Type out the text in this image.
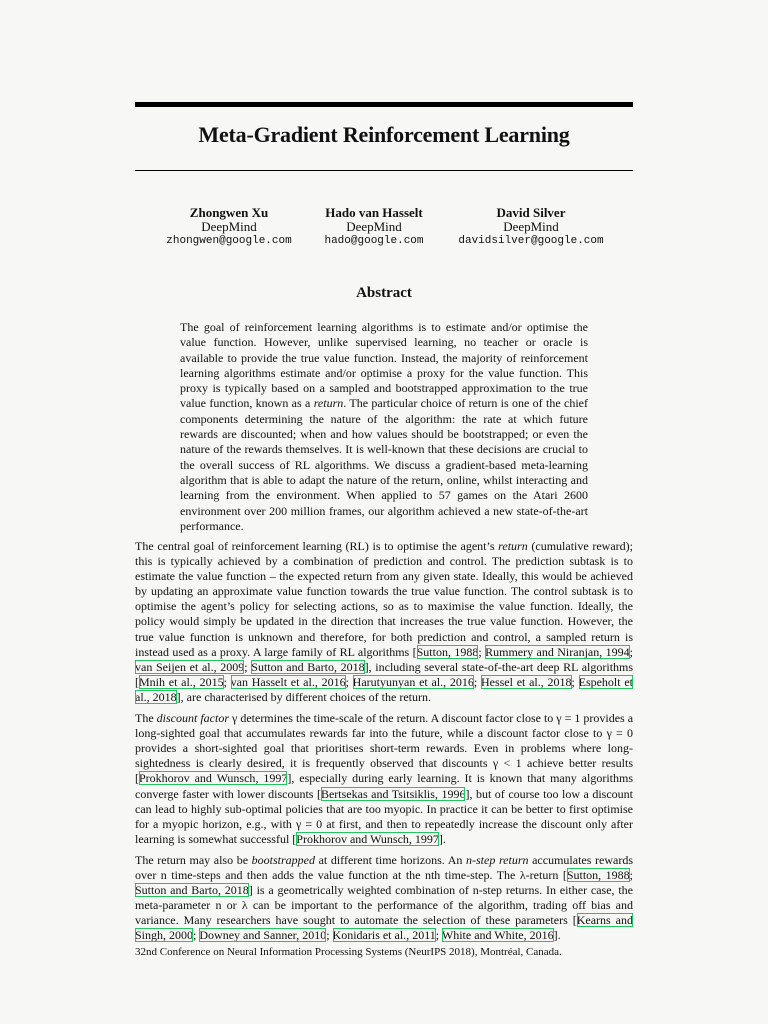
Meta-Gradient Reinforcement Learning
Zhongwen Xu
DeepMind
zhongwen@google.com
Hado van Hasselt
DeepMind
hado@google.com
David Silver
DeepMind
davidsilver@google.com
Abstract

The goal of reinforcement learning algorithms is to estimate and/or optimise the value function. However, unlike supervised learning, no teacher or oracle is available to provide the true value function. Instead, the majority of reinforcement learning algorithms estimate and/or optimise a proxy for the value function. This proxy is typically based on a sampled and bootstrapped approximation to the true value function, known as a return. The particular choice of return is one of the chief components determining the nature of the algorithm: the rate at which future rewards are discounted; when and how values should be bootstrapped; or even the nature of the rewards themselves. It is well-known that these decisions are crucial to the overall success of RL algorithms. We discuss a gradient-based meta-learning algorithm that is able to adapt the nature of the return, online, whilst interacting and learning from the environment. When applied to 57 games on the Atari 2600 environment over 200 million frames, our algorithm achieved a new state-of-the-art performance.

The central goal of reinforcement learning (RL) is to optimise the agent’s return (cumulative reward); this is typically achieved by a combination of prediction and control. The prediction subtask is to estimate the value function – the expected return from any given state. Ideally, this would be achieved by updating an approximate value function towards the true value function. The control subtask is to optimise the agent’s policy for selecting actions, so as to maximise the value function. Ideally, the policy would simply be updated in the direction that increases the true value function. However, the true value function is unknown and therefore, for both prediction and control, a sampled return is instead used as a proxy. A large family of RL algorithms [Sutton, 1988; Rummery and Niranjan, 1994; van Seijen et al., 2009; Sutton and Barto, 2018], including several state-of-the-art deep RL algorithms [Mnih et al., 2015; van Hasselt et al., 2016; Harutyunyan et al., 2016; Hessel et al., 2018; Espeholt et al., 2018], are characterised by different choices of the return.

The discount factor γ determines the time-scale of the return. A discount factor close to γ = 1 provides a long-sighted goal that accumulates rewards far into the future, while a discount factor close to γ = 0 provides a short-sighted goal that prioritises short-term rewards. Even in problems where long-sightedness is clearly desired, it is frequently observed that discounts γ < 1 achieve better results [Prokhorov and Wunsch, 1997], especially during early learning. It is known that many algorithms converge faster with lower discounts [Bertsekas and Tsitsiklis, 1996], but of course too low a discount can lead to highly sub-optimal policies that are too myopic. In practice it can be better to first optimise for a myopic horizon, e.g., with γ = 0 at first, and then to repeatedly increase the discount only after learning is somewhat successful [Prokhorov and Wunsch, 1997].

The return may also be bootstrapped at different time horizons. An n-step return accumulates rewards over n time-steps and then adds the value function at the nth time-step. The λ-return [Sutton, 1988; Sutton and Barto, 2018] is a geometrically weighted combination of n-step returns. In either case, the meta-parameter n or λ can be important to the performance of the algorithm, trading off bias and variance. Many researchers have sought to automate the selection of these parameters [Kearns and Singh, 2000; Downey and Sanner, 2010; Konidaris et al., 2011; White and White, 2016].

32nd Conference on Neural Information Processing Systems (NeurIPS 2018), Montréal, Canada.
